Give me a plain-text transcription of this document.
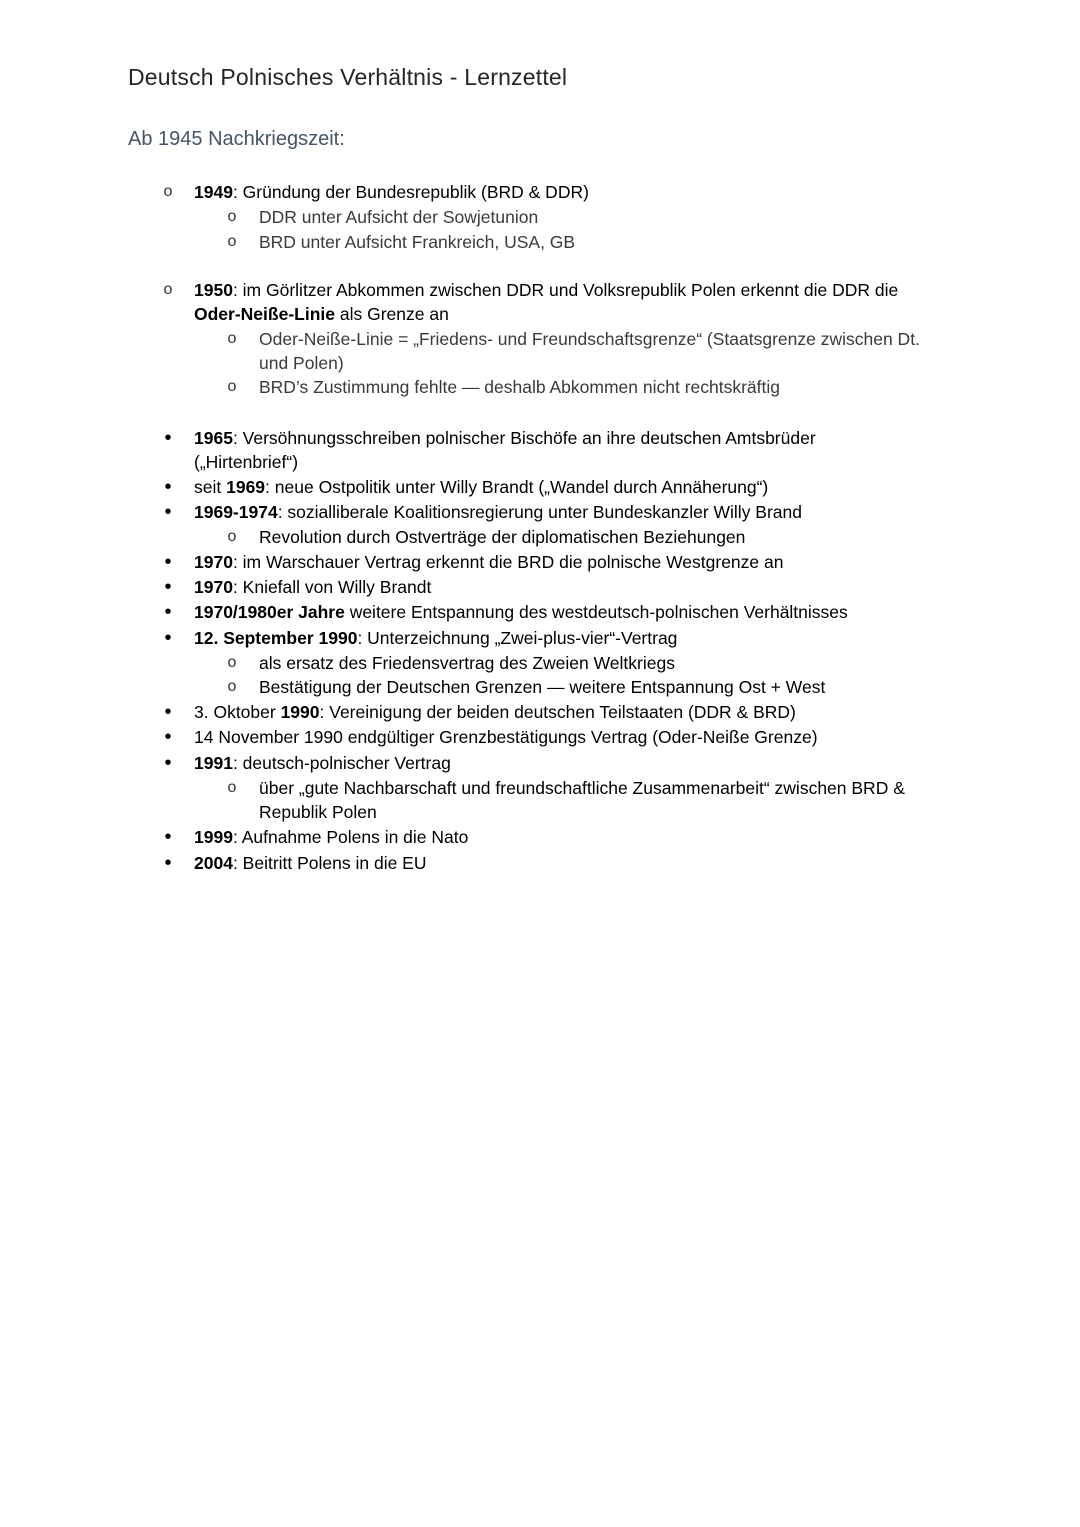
Deutsch Polnisches Verhältnis - Lernzettel
Ab 1945 Nachkriegszeit:
o 1949: Gründung der Bundesrepublik (BRD & DDR)
o DDR unter Aufsicht der Sowjetunion
o BRD unter Aufsicht Frankreich, USA, GB
o 1950: im Görlitzer Abkommen zwischen DDR und Volksrepublik Polen erkennt die DDR die
Oder-Neiße-Linie als Grenze an
o Oder-Neiße-Linie = „Friedens- und Freundschaftsgrenze“ (Staatsgrenze zwischen Dt.
und Polen)
o BRD’s Zustimmung fehlte — deshalb Abkommen nicht rechtskräftig
• 1965: Versöhnungsschreiben polnischer Bischöfe an ihre deutschen Amtsbrüder
(„Hirtenbrief“)
• seit 1969: neue Ostpolitik unter Willy Brandt („Wandel durch Annäherung“)
• 1969-1974: sozialliberale Koalitionsregierung unter Bundeskanzler Willy Brand
o Revolution durch Ostverträge der diplomatischen Beziehungen
• 1970: im Warschauer Vertrag erkennt die BRD die polnische Westgrenze an
• 1970: Kniefall von Willy Brandt
• 1970/1980er Jahre weitere Entspannung des westdeutsch-polnischen Verhältnisses
• 12. September 1990: Unterzeichnung „Zwei-plus-vier“-Vertrag
o als ersatz des Friedensvertrag des Zweien Weltkriegs
o Bestätigung der Deutschen Grenzen — weitere Entspannung Ost + West
• 3. Oktober 1990: Vereinigung der beiden deutschen Teilstaaten (DDR & BRD)
• 14 November 1990 endgültiger Grenzbestätigungs Vertrag (Oder-Neiße Grenze)
• 1991: deutsch-polnischer Vertrag
o über „gute Nachbarschaft und freundschaftliche Zusammenarbeit“ zwischen BRD &
Republik Polen
• 1999: Aufnahme Polens in die Nato
• 2004: Beitritt Polens in die EU
